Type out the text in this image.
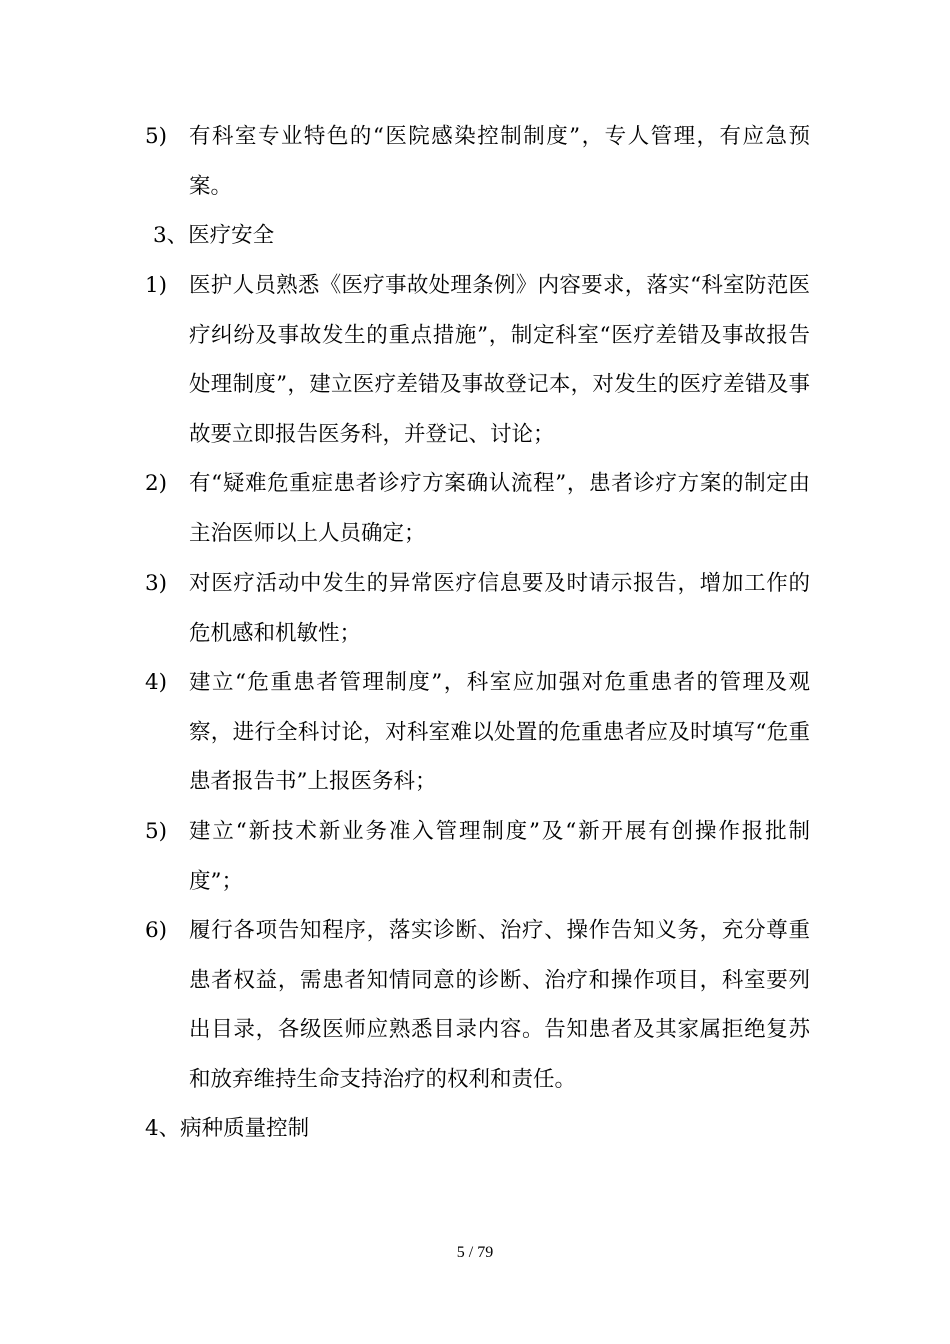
5) 有科室专业特色的“医院感染控制制度”，专人管理，有应急预案。
3、医疗安全
1) 医护人员熟悉《医疗事故处理条例》内容要求，落实“科室防范医疗纠纷及事故发生的重点措施”，制定科室“医疗差错及事故报告处理制度”，建立医疗差错及事故登记本，对发生的医疗差错及事故要立即报告医务科，并登记、讨论；
2) 有“疑难危重症患者诊疗方案确认流程”，患者诊疗方案的制定由主治医师以上人员确定；
3) 对医疗活动中发生的异常医疗信息要及时请示报告，增加工作的危机感和机敏性；
4) 建立“危重患者管理制度”，科室应加强对危重患者的管理及观察，进行全科讨论，对科室难以处置的危重患者应及时填写“危重患者报告书”上报医务科；
5) 建立“新技术新业务准入管理制度”及“新开展有创操作报批制度”；
6) 履行各项告知程序，落实诊断、治疗、操作告知义务，充分尊重患者权益，需患者知情同意的诊断、治疗和操作项目，科室要列出目录，各级医师应熟悉目录内容。告知患者及其家属拒绝复苏和放弃维持生命支持治疗的权利和责任。
4、病种质量控制
5 / 79
